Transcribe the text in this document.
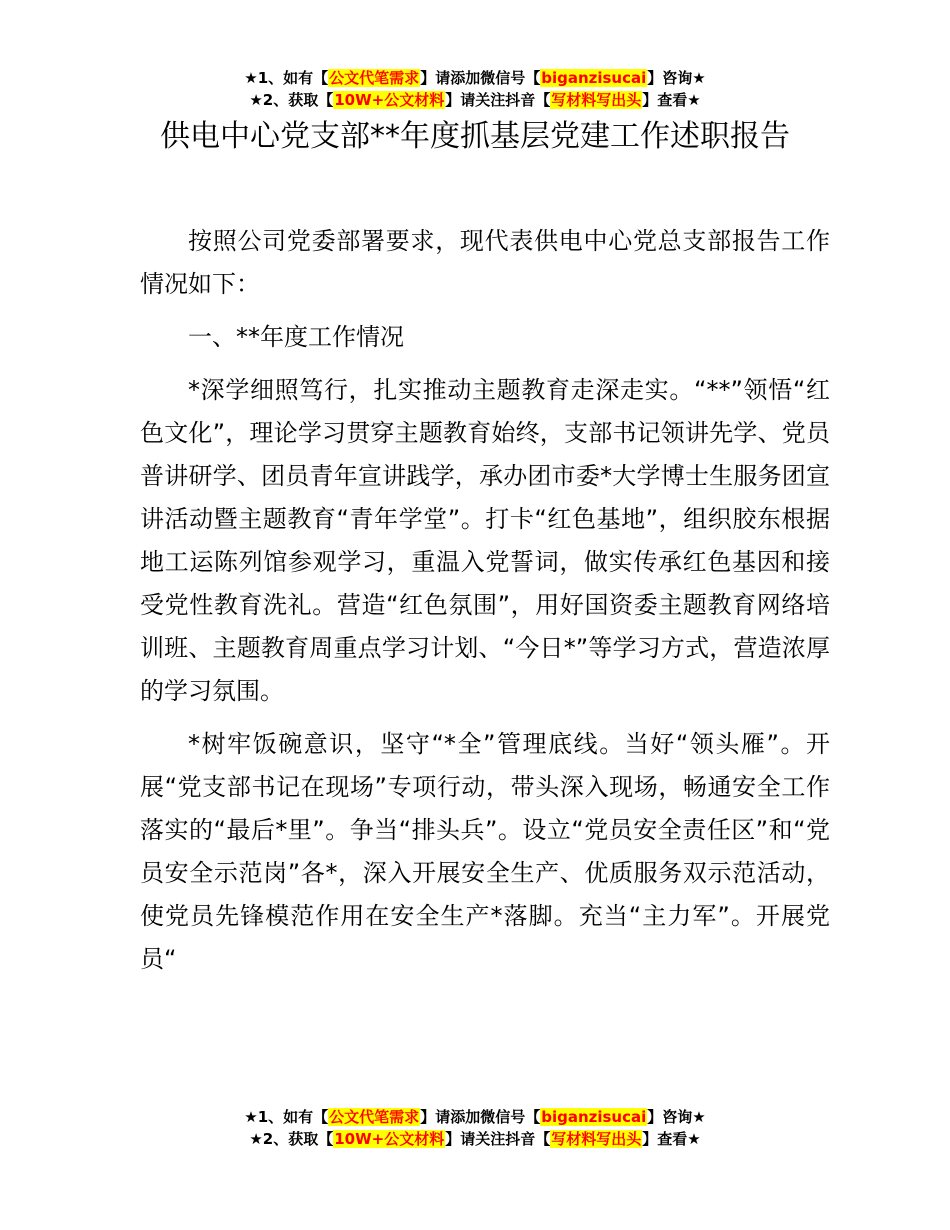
★1、如有【公文代笔需求】请添加微信号【biganzisucai】咨询★
★2、获取【10W+公文材料】请关注抖音【写材料写出头】查看★
供电中心党支部**年度抓基层党建工作述职报告

按照公司党委部署要求，现代表供电中心党总支部报告工作情况如下：

一、**年度工作情况

*深学细照笃行，扎实推动主题教育走深走实。“**”领悟“红色文化”，理论学习贯穿主题教育始终，支部书记领讲先学、党员普讲研学、团员青年宣讲践学，承办团市委*大学博士生服务团宣讲活动暨主题教育“青年学堂”。打卡“红色基地”，组织胶东根据地工运陈列馆参观学习，重温入党誓词，做实传承红色基因和接受党性教育洗礼。营造“红色氛围”，用好国资委主题教育网络培训班、主题教育周重点学习计划、“今日*”等学习方式，营造浓厚的学习氛围。

*树牢饭碗意识，坚守“*全”管理底线。当好“领头雁”。开展“党支部书记在现场”专项行动，带头深入现场，畅通安全工作落实的“最后*里”。争当“排头兵”。设立“党员安全责任区”和“党员安全示范岗”各*，深入开展安全生产、优质服务双示范活动，使党员先锋模范作用在安全生产*落脚。充当“主力军”。开展党员“

★1、如有【公文代笔需求】请添加微信号【biganzisucai】咨询★
★2、获取【10W+公文材料】请关注抖音【写材料写出头】查看★
